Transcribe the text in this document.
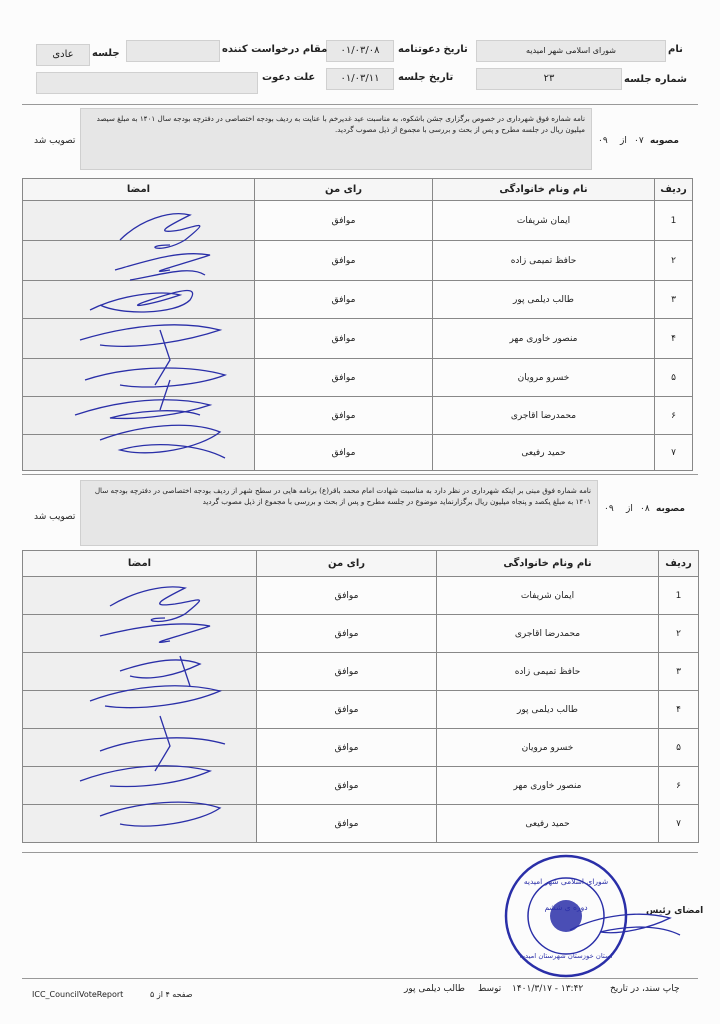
نام
شورای اسلامی شهر امیدیه
تاریخ دعوتنامه
۰۱/۰۳/۰۸
مقام درخواست کننده
جلسه
عادی
شماره جلسه
۲۳
تاریخ جلسه
۰۱/۰۳/۱۱
علت دعوت
مصوبه
۰۷
از
۰۹
نامه شماره فوق شهرداری در خصوص برگزاری جشن باشکوه، به مناسبت عید غدیرخم با عنایت به ردیف بودجه اختصاصی در دفترچه بودجه سال ۱۴۰۱ به مبلغ سیصد میلیون ریال در جلسه مطرح و پس از بحث و بررسی با مجموع از ذیل مصوب گردید.
تصویب شد
امضا	رای من	نام ونام خانوادگی	ردیف
	موافق	ایمان شریفات	1
	موافق	حافظ تمیمی زاده	۲
	موافق	طالب دیلمی پور	۳
	موافق	منصور خاوری مهر	۴
	موافق	خسرو مرویان	۵
	موافق	محمدرضا اقاجری	۶
	موافق	حمید رفیعی	۷
مصوبه
۰۸
از
۰۹
نامه شماره فوق مبنی بر اینکه شهرداری در نظر دارد به مناسبت شهادت امام محمد باقر(ع) برنامه هایی در سطح شهر از ردیف بودجه اختصاصی در دفترچه بودجه سال ۱۴۰۱ به مبلغ یکصد و پنجاه میلیون ریال برگزارنماید موضوع در جلسه مطرح و پس از بحث و بررسی با مجموع از ذیل مصوب گردید
تصویب شد
امضا	رای من	نام ونام خانوادگی	ردیف
	موافق	ایمان شریفات	1
	موافق	محمدرضا اقاجری	۲
	موافق	حافظ تمیمی زاده	۳
	موافق	طالب دیلمی پور	۴
	موافق	خسرو مرویان	۵
	موافق	منصور خاوری مهر	۶
	موافق	حمید رفیعی	۷
امضای رئیس
شورای اسلامی شهر امیدیه
دوره ی ششم
استان خوزستان شهرستان امیدیه
چاپ سند، در تاریخ
۱۴۰۱/۳/۱۷ - ۱۳:۴۲
توسط
طالب دیلمی پور
ICC_CouncilVoteReport	صفحه ۴ از ۵
